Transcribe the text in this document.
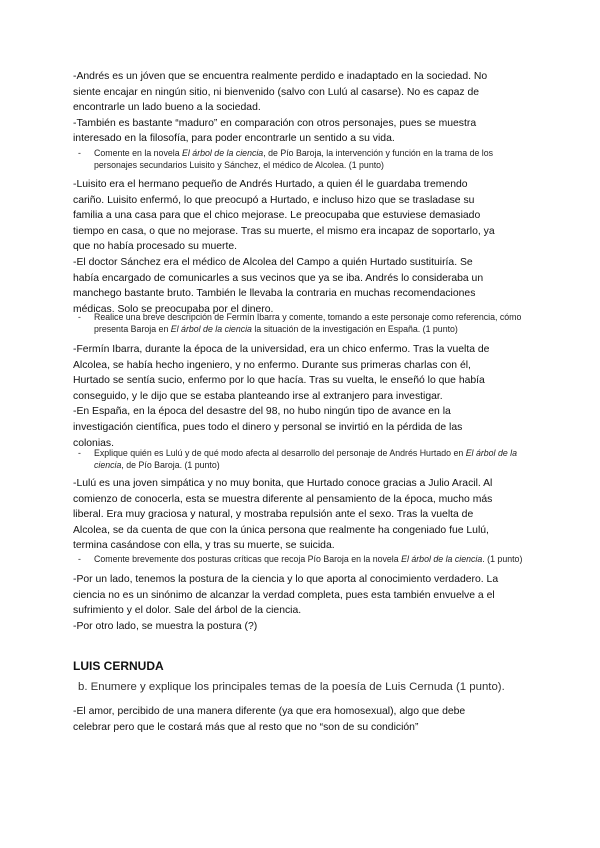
-Andrés es un jóven que se encuentra realmente perdido e inadaptado en la sociedad. No

siente encajar en ningún sitio, ni bienvenido (salvo con Lulú al casarse). No es capaz de

encontrarle un lado bueno a la sociedad.

-También es bastante “maduro” en comparación con otros personajes, pues se muestra

interesado en la filosofía, para poder encontrarle un sentido a su vida.

-	Comente en la novela El árbol de la ciencia, de Pío Baroja, la intervención y función en la trama de los personajes secundarios Luisito y Sánchez, el médico de Alcolea. (1 punto)

-Luisito era el hermano pequeño de Andrés Hurtado, a quien él le guardaba tremendo

cariño. Luisito enfermó, lo que preocupó a Hurtado, e incluso hizo que se trasladase su

familia a una casa para que el chico mejorase. Le preocupaba que estuviese demasiado

tiempo en casa, o que no mejorase. Tras su muerte, el mismo era incapaz de soportarlo, ya

que no había procesado su muerte.

-El doctor Sánchez era el médico de Alcolea del Campo a quién Hurtado sustituiría. Se

había encargado de comunicarles a sus vecinos que ya se iba. Andrés lo consideraba un

manchego bastante bruto. También le llevaba la contraria en muchas recomendaciones

médicas. Solo se preocupaba por el dinero.

-	Realice una breve descripción de Fermín Ibarra y comente, tomando a este personaje como referencia, cómo presenta Baroja en El árbol de la ciencia la situación de la investigación en España. (1 punto)

-Fermín Ibarra, durante la época de la universidad, era un chico enfermo. Tras la vuelta de

Alcolea, se había hecho ingeniero, y no enfermo. Durante sus primeras charlas con él,

Hurtado se sentía sucio, enfermo por lo que hacía. Tras su vuelta, le enseñó lo que había

conseguido, y le dijo que se estaba planteando irse al extranjero para investigar.

-En España, en la época del desastre del 98, no hubo ningún tipo de avance en la

investigación científica, pues todo el dinero y personal se invirtió en la pérdida de las

colonias.

-	Explique quién es Lulú y de qué modo afecta al desarrollo del personaje de Andrés Hurtado en El árbol de la ciencia, de Pío Baroja. (1 punto)

-Lulú es una joven simpática y no muy bonita, que Hurtado conoce gracias a Julio Aracil. Al

comienzo de conocerla, esta se muestra diferente al pensamiento de la época, mucho más

liberal. Era muy graciosa y natural, y mostraba repulsión ante el sexo. Tras la vuelta de

Alcolea, se da cuenta de que con la única persona que realmente ha congeniado fue Lulú,

termina casándose con ella, y tras su muerte, se suicida.

-	Comente brevemente dos posturas críticas que recoja Pío Baroja en la novela El árbol de la ciencia. (1 punto)

-Por un lado, tenemos la postura de la ciencia y lo que aporta al conocimiento verdadero. La

ciencia no es un sinónimo de alcanzar la verdad completa, pues esta también envuelve a el

sufrimiento y el dolor. Sale del árbol de la ciencia.

-Por otro lado, se muestra la postura (?)

LUIS CERNUDA

b. Enumere y explique los principales temas de la poesía de Luis Cernuda (1 punto).

-El amor, percibido de una manera diferente (ya que era homosexual), algo que debe

celebrar pero que le costará más que al resto que no “son de su condición”
